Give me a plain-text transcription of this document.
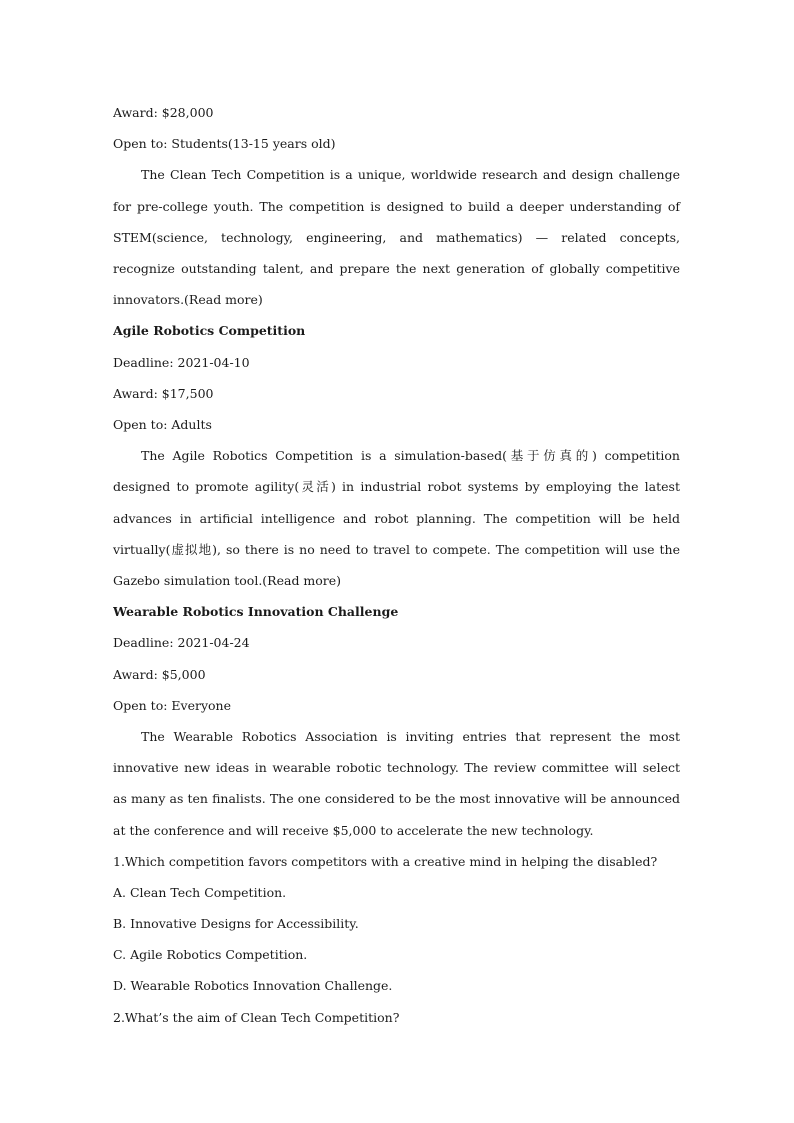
Award: $28,000
Open to: Students(13-15 years old)
The Clean Tech Competition is a unique, worldwide research and design challenge for pre-college youth. The competition is designed to build a deeper understanding of STEM(science, technology, engineering, and mathematics) — related concepts, recognize outstanding talent, and prepare the next generation of globally competitive innovators.(Read more)
Agile Robotics Competition
Deadline: 2021-04-10
Award: $17,500
Open to: Adults
The Agile Robotics Competition is a simulation-based(基于仿真的) competition designed to promote agility(灵活) in industrial robot systems by employing the latest advances in artificial intelligence and robot planning. The competition will be held virtually(虚拟地), so there is no need to travel to compete. The competition will use the Gazebo simulation tool.(Read more)
Wearable Robotics Innovation Challenge
Deadline: 2021-04-24
Award: $5,000
Open to: Everyone
The Wearable Robotics Association is inviting entries that represent the most innovative new ideas in wearable robotic technology. The review committee will select as many as ten finalists. The one considered to be the most innovative will be announced at the conference and will receive $5,000 to accelerate the new technology.
1.Which competition favors competitors with a creative mind in helping the disabled?
A. Clean Tech Competition.
B. Innovative Designs for Accessibility.
C. Agile Robotics Competition.
D. Wearable Robotics Innovation Challenge.
2.What’s the aim of Clean Tech Competition?
